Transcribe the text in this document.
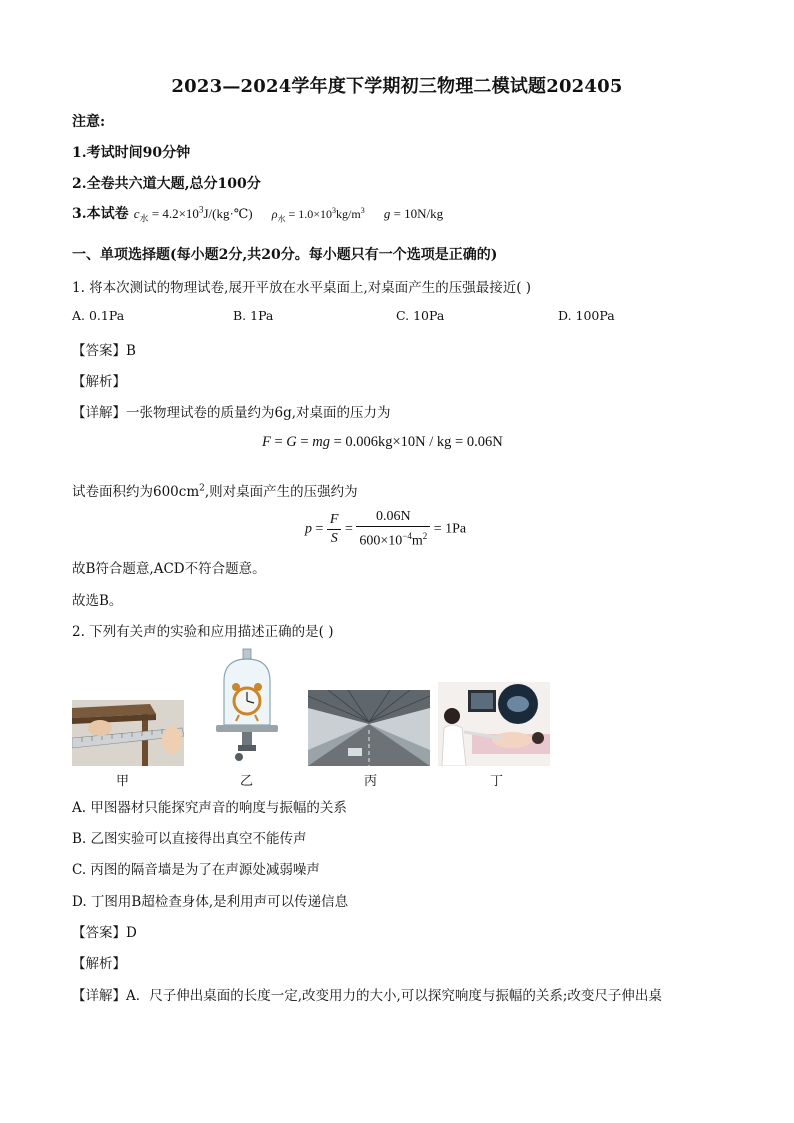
2023—2024学年度下学期初三物理二模试题202405
注意:
1.考试时间90分钟
2.全卷共六道大题,总分100分
3.本试卷 $c_水$ = $4.2\times 10^3J/(kg\cdot℃) \rho_水 = 1.0\times 10^3kg/m^3$ g = 10N/kg
一、单项选择题(每小题2分,共20分。每小题只有一个选项是正确的)
1. 将本次测试的物理试卷,展开平放在水平桌面上,对桌面产生的压强最接近( )
A. 0.1Pa	B. 1Pa	C. 10Pa	D. 100Pa
【答案】B
【解析】
【详解】一张物理试卷的质量约为6g,对桌面的压力为
F = G = mg = 0.006kg×10N / kg = 0.06N
试卷面积约为$600cm^2$,则对桌面产生的压强约为
$p = \frac{F}{S} = \frac{0.06N}{600\times 10^{-4}m^2} = 1Pa$
故B符合题意,ACD不符合题意。
故选B。
2. 下列有关声的实验和应用描述正确的是( )
甲	乙	丙	丁
A. 甲图器材只能探究声音的响度与振幅的关系
B. 乙图实验可以直接得出真空不能传声
C. 丙图的隔音墙是为了在声源处减弱噪声
D. 丁图用B超检查身体,是利用声可以传递信息
【答案】D
【解析】
【详解】A．尺子伸出桌面的长度一定,改变用力的大小,可以探究响度与振幅的关系;改变尺子伸出桌
